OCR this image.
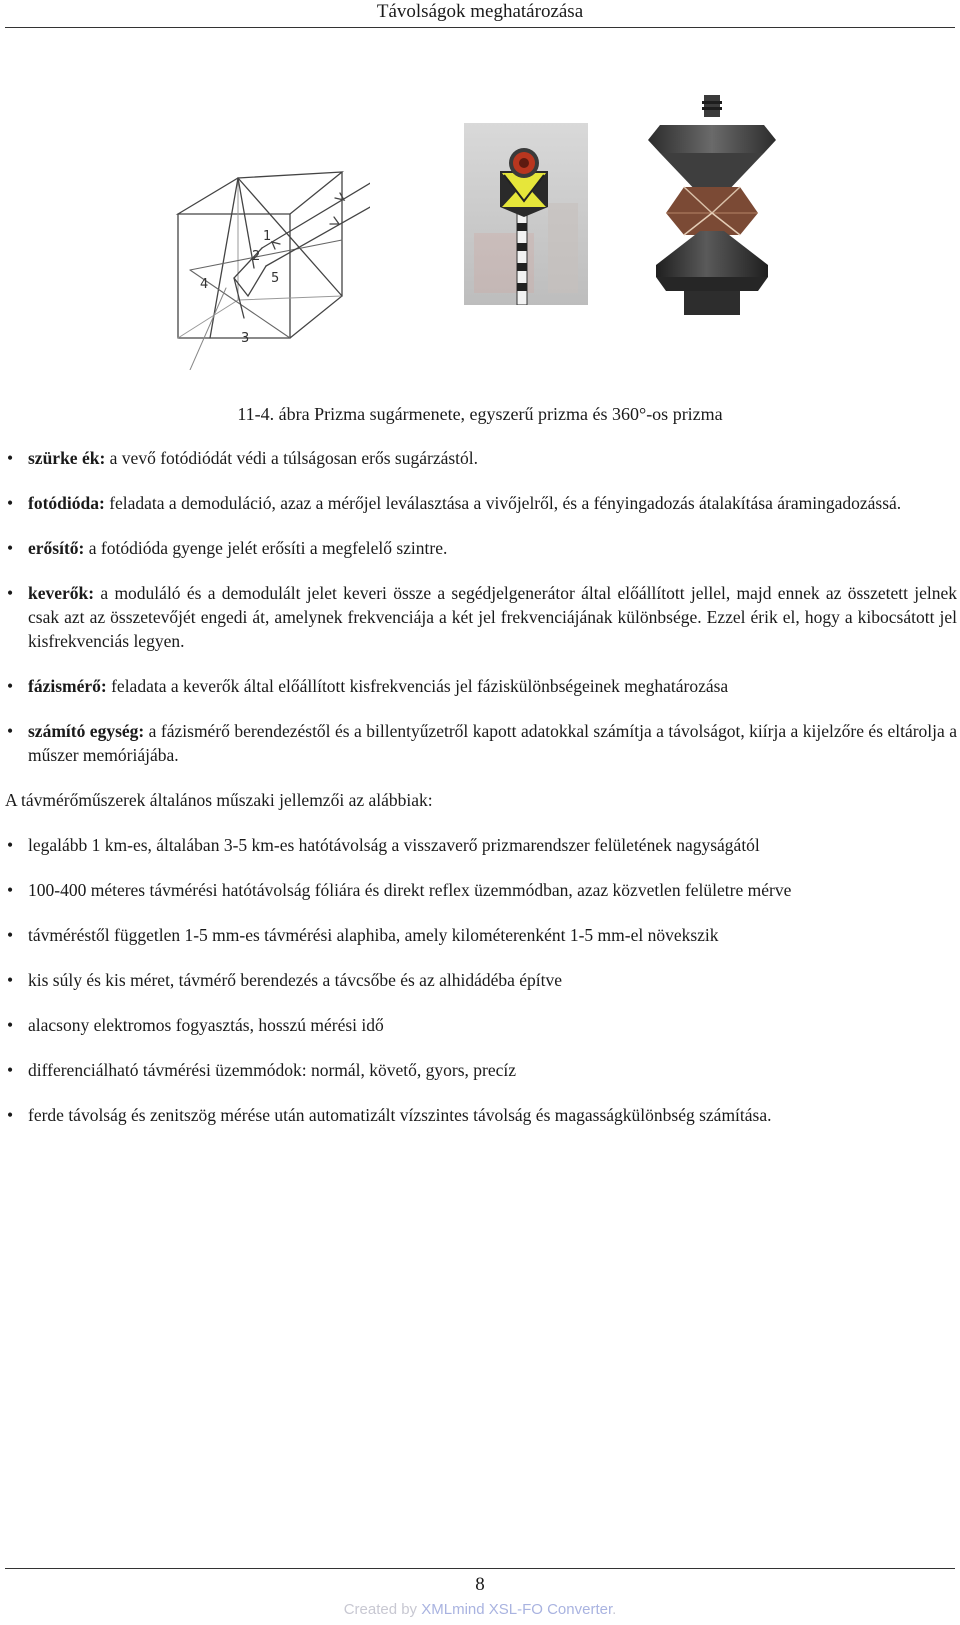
Távolságok meghatározása
1
2
3
4	5
11-4. ábra Prizma sugármenete, egyszerű prizma és 360°-os prizma
• szürke ék: a vevő fotódiódát védi a túlságosan erős sugárzástól.
• fotódióda: feladata a demoduláció, azaz a mérőjel leválasztása a vivőjelről, és a fényingadozás átalakítása áramingadozássá.
• erősítő: a fotódióda gyenge jelét erősíti a megfelelő szintre.
• keverők: a moduláló és a demodulált jelet keveri össze a segédjelgenerátor által előállított jellel, majd ennek az összetett jelnek csak azt az összetevőjét engedi át, amelynek frekvenciája a két jel frekvenciájának különbsége. Ezzel érik el, hogy a kibocsátott jel kisfrekvenciás legyen.
• fázismérő: feladata a keverők által előállított kisfrekvenciás jel fáziskülönbségeinek meghatározása
• számító egység: a fázismérő berendezéstől és a billentyűzetről kapott adatokkal számítja a távolságot, kiírja a kijelzőre és eltárolja a műszer memóriájába.

A távmérőműszerek általános műszaki jellemzői az alábbiak:

• legalább 1 km-es, általában 3-5 km-es hatótávolság a visszaverő prizmarendszer felületének nagyságától
• 100-400 méteres távmérési hatótávolság fóliára és direkt reflex üzemmódban, azaz közvetlen felületre mérve
• távméréstől független 1-5 mm-es távmérési alaphiba, amely kilométerenként 1-5 mm-el növekszik
• kis súly és kis méret, távmérő berendezés a távcsőbe és az alhidádéba építve
• alacsony elektromos fogyasztás, hosszú mérési idő
• differenciálható távmérési üzemmódok: normál, követő, gyors, precíz
• ferde távolság és zenitszög mérése után automatizált vízszintes távolság és magasságkülönbség számítása.
8
Created by XMLmind XSL-FO Converter.
